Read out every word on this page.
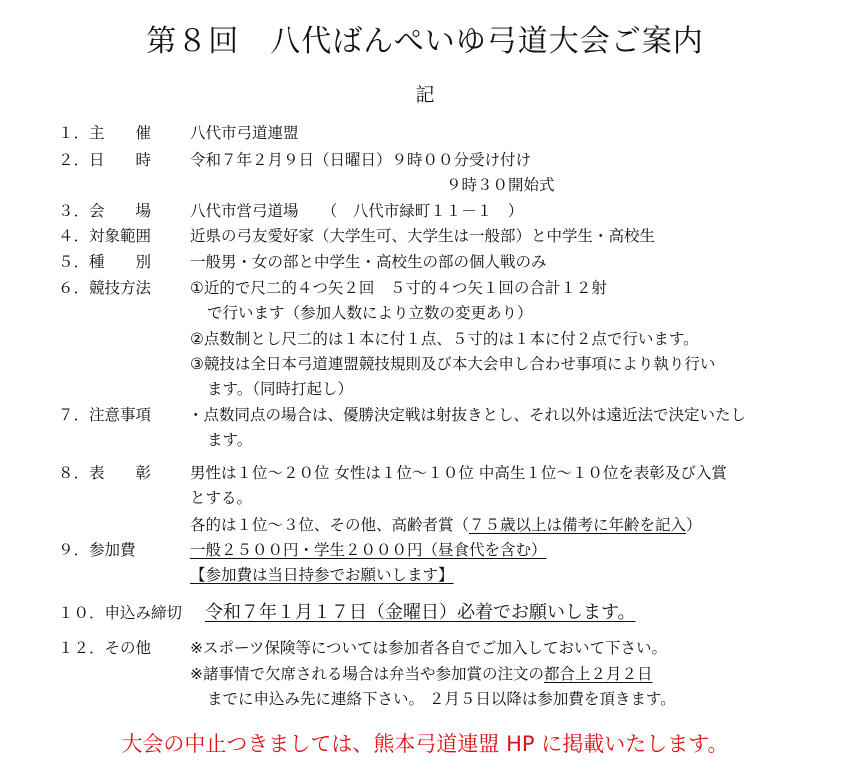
第８回　八代ばんぺいゆ弓道大会ご案内
記
１．主　　催	八代市弓道連盟
２．日　　時	令和７年２月９日（日曜日）９時００分受け付け
９時３０開始式
３．会　　場	八代市営弓道場　　（　八代市緑町１１－１　）
４．対象範囲	近県の弓友愛好家（大学生可、大学生は一般部）と中学生・高校生
５．種　　別	一般男・女の部と中学生・高校生の部の個人戦のみ
６．競技方法	①近的で尺二的４つ矢２回　５寸的４つ矢１回の合計１２射
で行います（参加人数により立数の変更あり）
②点数制とし尺二的は１本に付１点、５寸的は１本に付２点で行います。
③競技は全日本弓道連盟競技規則及び本大会申し合わせ事項により執り行い
ます。（同時打起し）
７．注意事項 ・点数同点の場合は、優勝決定戦は射抜きとし、それ以外は遠近法で決定いたし
ます。
８．表　　彰	男性は１位～２０位 女性は１位～１０位 中高生１位～１０位を表彰及び入賞
とする。
各的は１位～３位、その他、高齢者賞（７５歳以上は備考に年齢を記入）
９．参加費	一般２５００円・学生２０００円（昼食代を含む）
【参加費は当日持参でお願いします】
１０．申込み締切 令和７年１月１７日（金曜日）必着でお願いします。
１２．その他	※スポーツ保険等については参加者各自でご加入しておいて下さい。
※諸事情で欠席される場合は弁当や参加賞の注文の都合上２月２日
までに申込み先に連絡下さい。 ２月５日以降は参加費を頂きます。
大会の中止つきましては、熊本弓道連盟 HP に掲載いたします。
